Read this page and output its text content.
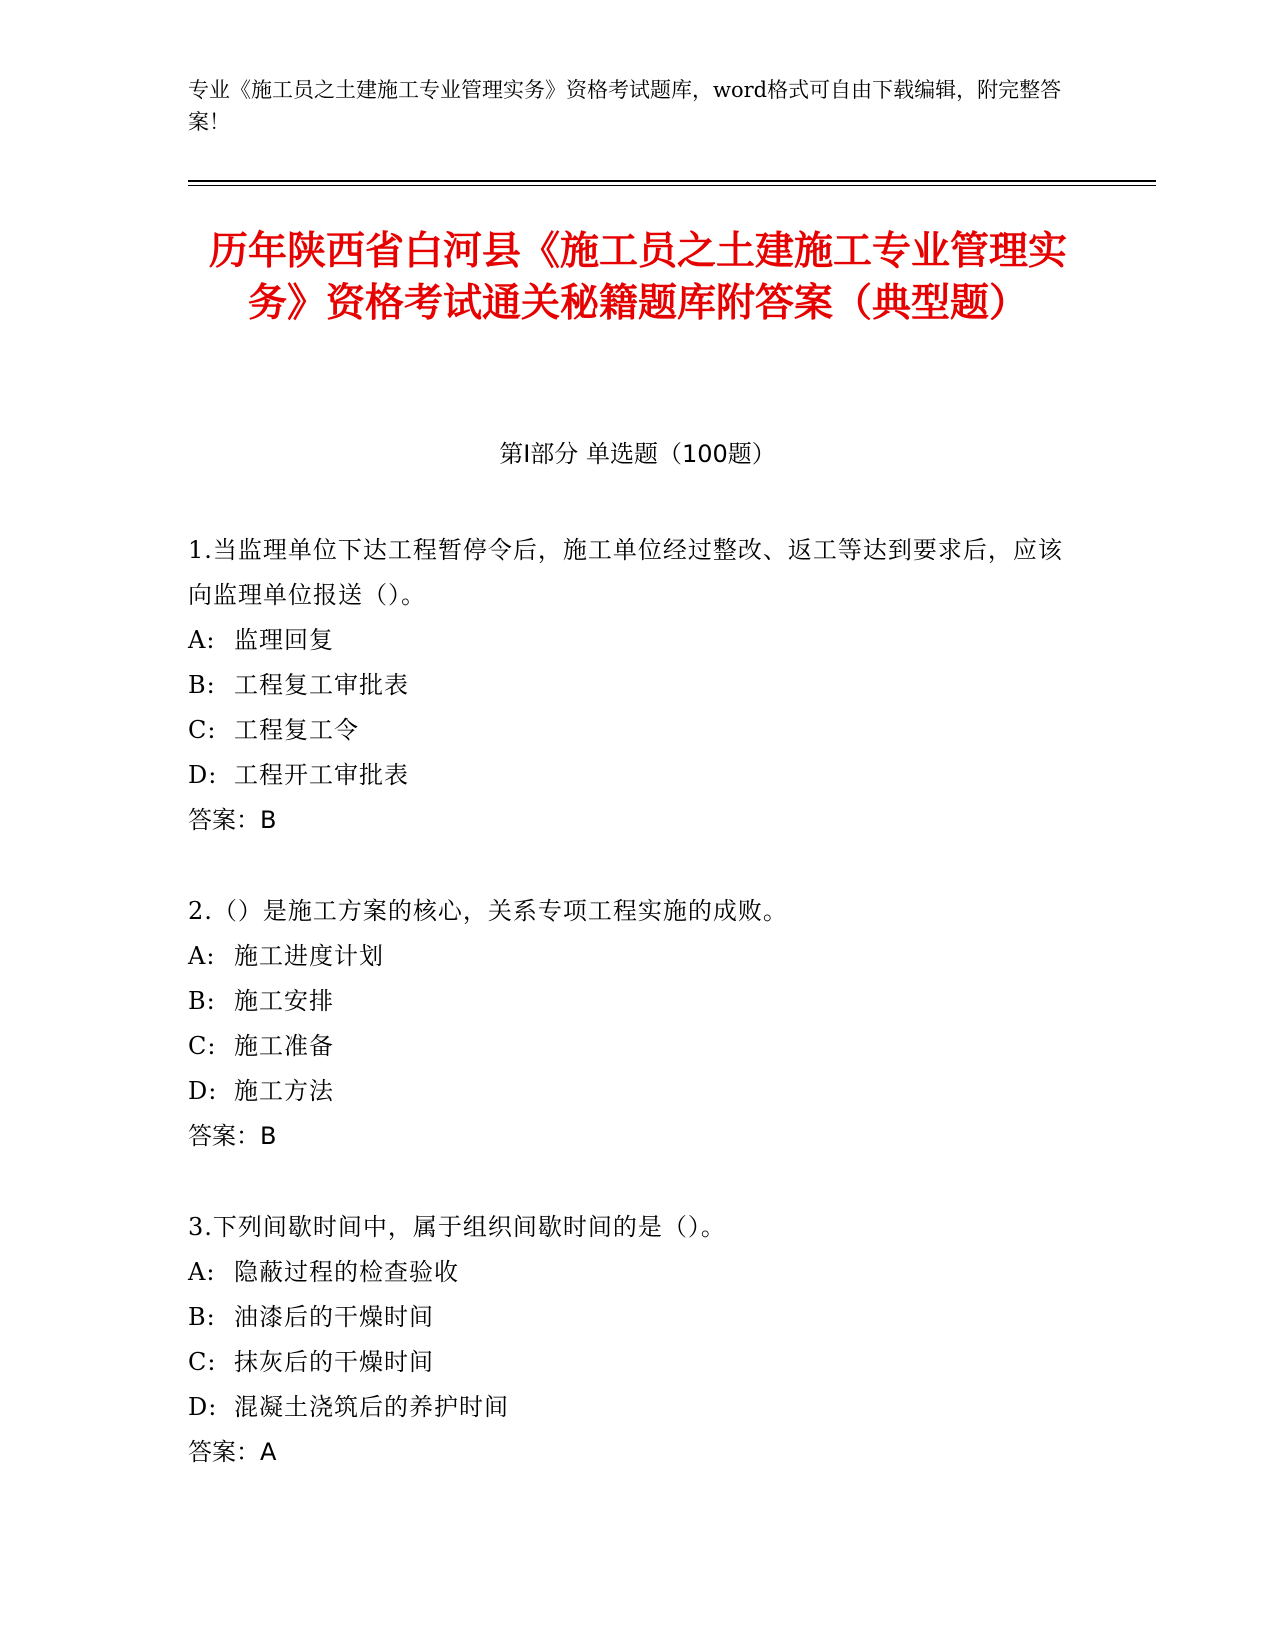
专业《施工员之土建施工专业管理实务》资格考试题库，word格式可自由下载编辑，附完整答案！
历年陕西省白河县《施工员之土建施工专业管理实务》资格考试通关秘籍题库附答案（典型题）
第Ⅰ部分 单选题（100题）
1.当监理单位下达工程暂停令后，施工单位经过整改、返工等达到要求后，应该向监理单位报送（）。
A: 监理回复
B: 工程复工审批表
C: 工程复工令
D: 工程开工审批表
答案：B
2.（）是施工方案的核心，关系专项工程实施的成败。
A: 施工进度计划
B: 施工安排
C: 施工准备
D: 施工方法
答案：B
3.下列间歇时间中，属于组织间歇时间的是（）。
A: 隐蔽过程的检查验收
B: 油漆后的干燥时间
C: 抹灰后的干燥时间
D: 混凝土浇筑后的养护时间
答案：A
